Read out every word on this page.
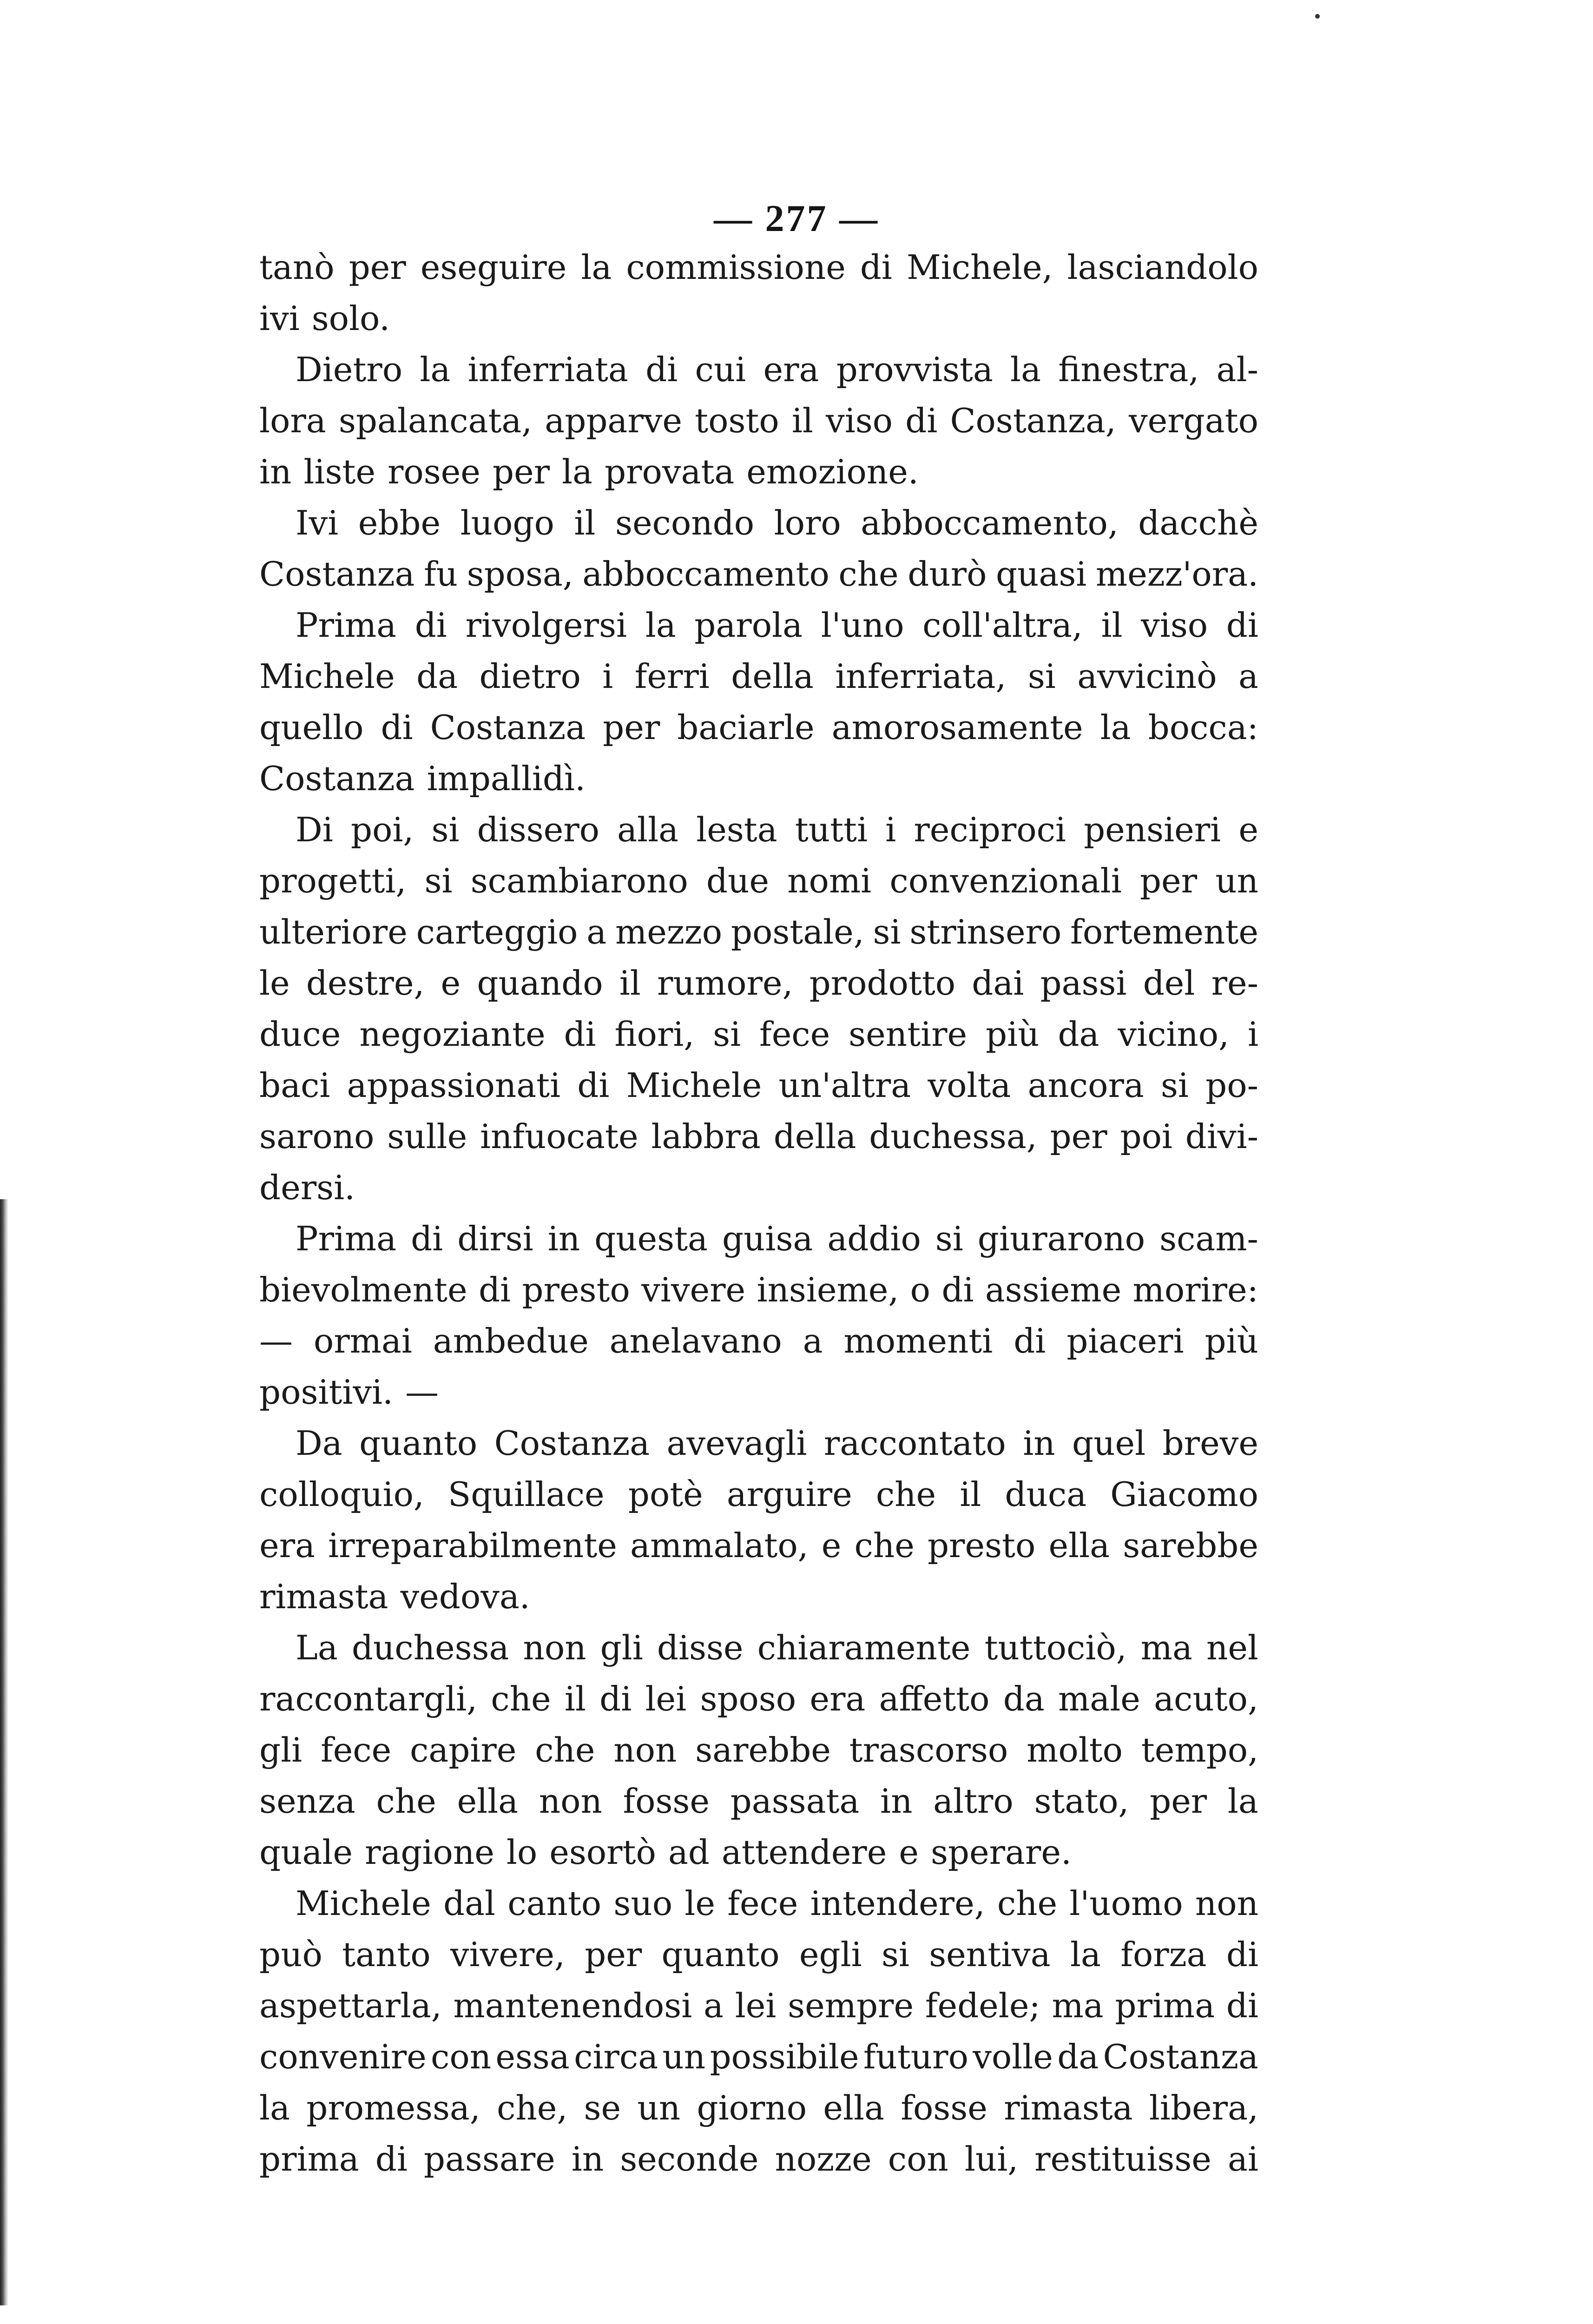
— 277 —
tanò per eseguire la commissione di Michele, lasciandolo
ivi solo.
Dietro la inferriata di cui era provvista la finestra, al-
lora spalancata, apparve tosto il viso di Costanza, vergato
in liste rosee per la provata emozione.
Ivi ebbe luogo il secondo loro abboccamento, dacchè
Costanza fu sposa, abboccamento che durò quasi mezz'ora.
Prima di rivolgersi la parola l'uno coll'altra, il viso di
Michele da dietro i ferri della inferriata, si avvicinò a
quello di Costanza per baciarle amorosamente la bocca:
Costanza impallidì.
Di poi, si dissero alla lesta tutti i reciproci pensieri e
progetti, si scambiarono due nomi convenzionali per un
ulteriore carteggio a mezzo postale, si strinsero fortemente
le destre, e quando il rumore, prodotto dai passi del re-
duce negoziante di fiori, si fece sentire più da vicino, i
baci appassionati di Michele un'altra volta ancora si po-
sarono sulle infuocate labbra della duchessa, per poi divi-
dersi.
Prima di dirsi in questa guisa addio si giurarono scam-
bievolmente di presto vivere insieme, o di assieme morire:
— ormai ambedue anelavano a momenti di piaceri più
positivi. —
Da quanto Costanza avevagli raccontato in quel breve
colloquio, Squillace potè arguire che il duca Giacomo
era irreparabilmente ammalato, e che presto ella sarebbe
rimasta vedova.
La duchessa non gli disse chiaramente tuttociò, ma nel
raccontargli, che il di lei sposo era affetto da male acuto,
gli fece capire che non sarebbe trascorso molto tempo,
senza che ella non fosse passata in altro stato, per la
quale ragione lo esortò ad attendere e sperare.
Michele dal canto suo le fece intendere, che l'uomo non
può tanto vivere, per quanto egli si sentiva la forza di
aspettarla, mantenendosi a lei sempre fedele; ma prima di
convenire con essa circa un possibile futuro volle da Costanza
la promessa, che, se un giorno ella fosse rimasta libera,
prima di passare in seconde nozze con lui, restituisse ai
